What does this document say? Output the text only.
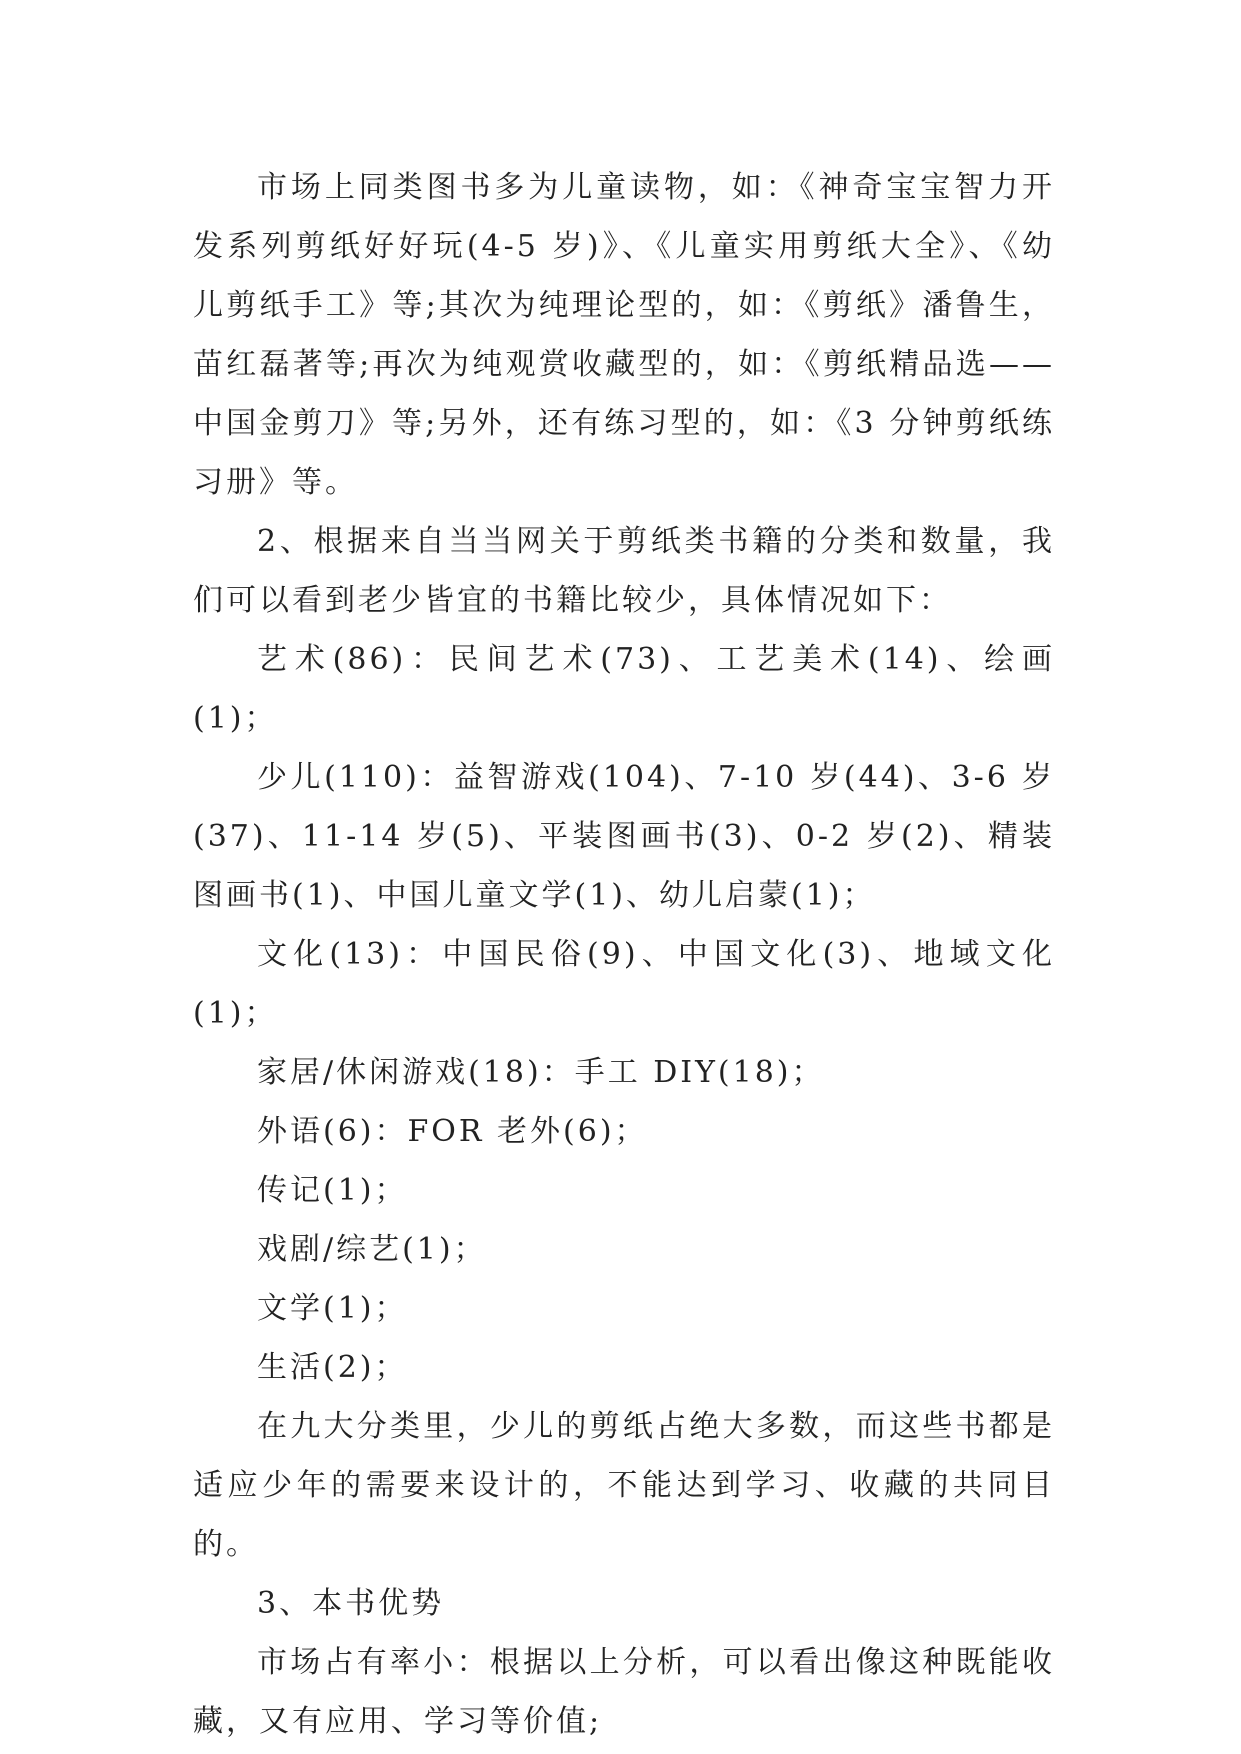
市场上同类图书多为儿童读物，如：《神奇宝宝智力开发系列剪纸好好玩(4-5 岁)》、《儿童实用剪纸大全》、《幼儿剪纸手工》等;其次为纯理论型的，如：《剪纸》潘鲁生，苗红磊著等;再次为纯观赏收藏型的，如：《剪纸精品选——中国金剪刀》等;另外，还有练习型的，如：《3 分钟剪纸练习册》等。

2、根据来自当当网关于剪纸类书籍的分类和数量，我们可以看到老少皆宜的书籍比较少，具体情况如下：

艺术(86)：民间艺术(73)、工艺美术(14)、绘画(1)；

少儿(110)：益智游戏(104)、7-10 岁(44)、3-6 岁(37)、11-14 岁(5)、平装图画书(3)、0-2 岁(2)、精装图画书(1)、中国儿童文学(1)、幼儿启蒙(1)；

文化(13)：中国民俗(9)、中国文化(3)、地域文化(1)；

家居/休闲游戏(18)：手工 DIY(18)；

外语(6)：FOR 老外(6)；

传记(1)；

戏剧/综艺(1)；

文学(1)；

生活(2)；

在九大分类里，少儿的剪纸占绝大多数，而这些书都是适应少年的需要来设计的，不能达到学习、收藏的共同目的。

3、本书优势

市场占有率小：根据以上分析，可以看出像这种既能收藏，又有应用、学习等价值;
